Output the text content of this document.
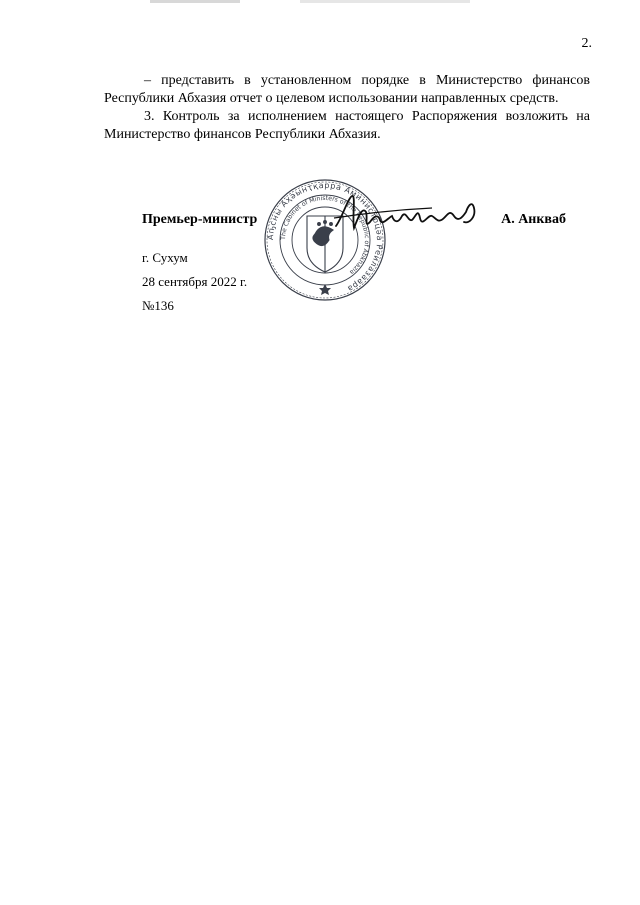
2.

– представить в установленном порядке в Министерство финансов Республики Абхазия отчет о целевом использовании направленных средств.

3. Контроль за исполнением настоящего Распоряжения возложить на Министерство финансов Республики Абхазия.

Аҧсны Аҳәынҭқарра Аминистрцәа Реилазаара
The Cabinet of Ministers of the Republic of Abkhazia
Премьер-министр	А. Анкваб
г. Сухум
28 сентября 2022 г.
№136
